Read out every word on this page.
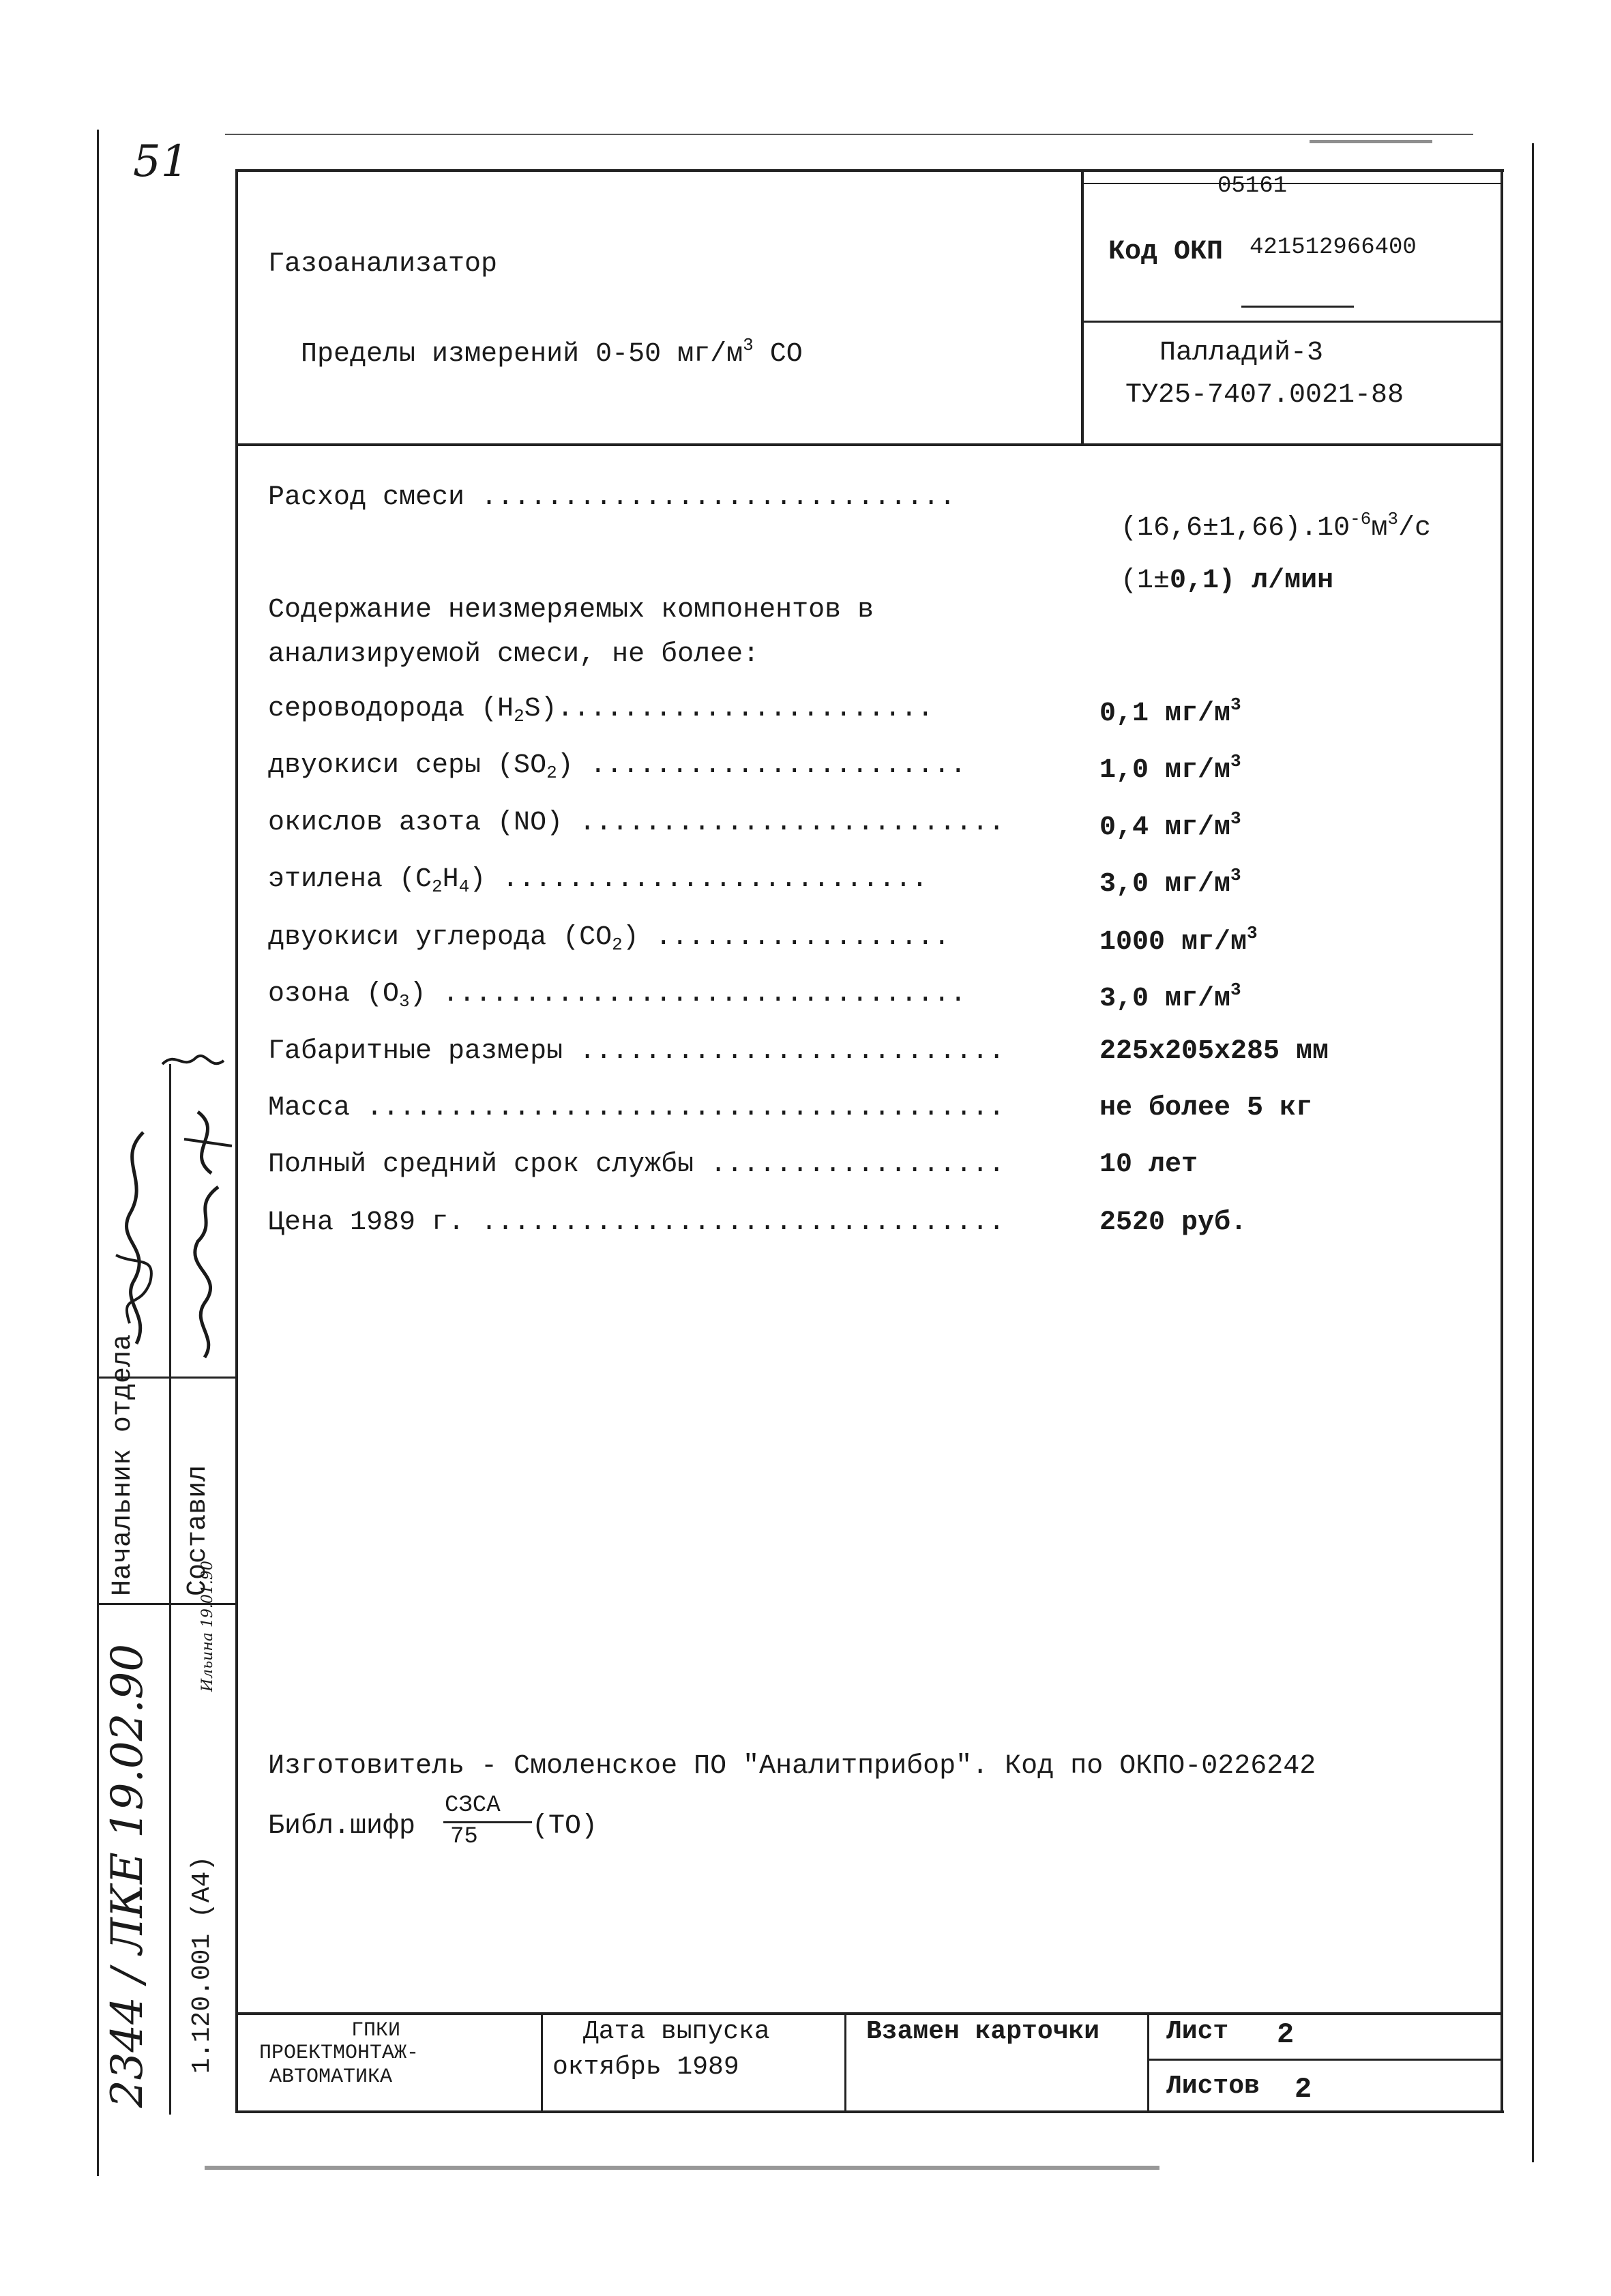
51
Газоанализатор

Пределы измерений 0-50 $мг/м^3$ CO

05161
Код ОКП 421512966400
Палладий-3
ТУ25-7407.0021-88
Расход смеси .............................

$(16,6\pm 1,66).10^{-6}м^3/c$

(1±0,1) л/мин

Содержание неизмеряемых компонентов в
анализируемой смеси, не более:
сероводорода $(H_2S)$.......................	0,1 $мг/м^3$
двуокиси серы $(SO_2)$ .......................	1,0 $мг/м^3$
окислов азота (NO) ..........................	0,4 $мг/м^3$
этилена $(C_2H_4)$ ..........................	3,0 $мг/м^3$
двуокиси углерода $(CO_2)$ ..................	1000 $мг/м^3$
озона $(O_3)$ ................................	3,0 $мг/м^3$
Габаритные размеры ..........................	225x205x285 мм
Масса .......................................	не более 5 кг
Полный средний срок службы ..................	10 лет
Цена 1989 г. ................................	2520 руб.
Изготовитель - Смоленское ПО "Аналитприбор". Код по ОКПО-0226242
Библ.шифр
СЗСА
75 (ТО)
ГПКИ
ПРОЕКТМОНТАЖ-
АВТОМАТИКА
Дата выпуска
октябрь 1989
Взамен карточки	Лист 2
Листов 2
Начальник отдела Составил
1.120.001 (А4)
2344 / ЛКЕ 19.02.90
Ильина 19.01.90
